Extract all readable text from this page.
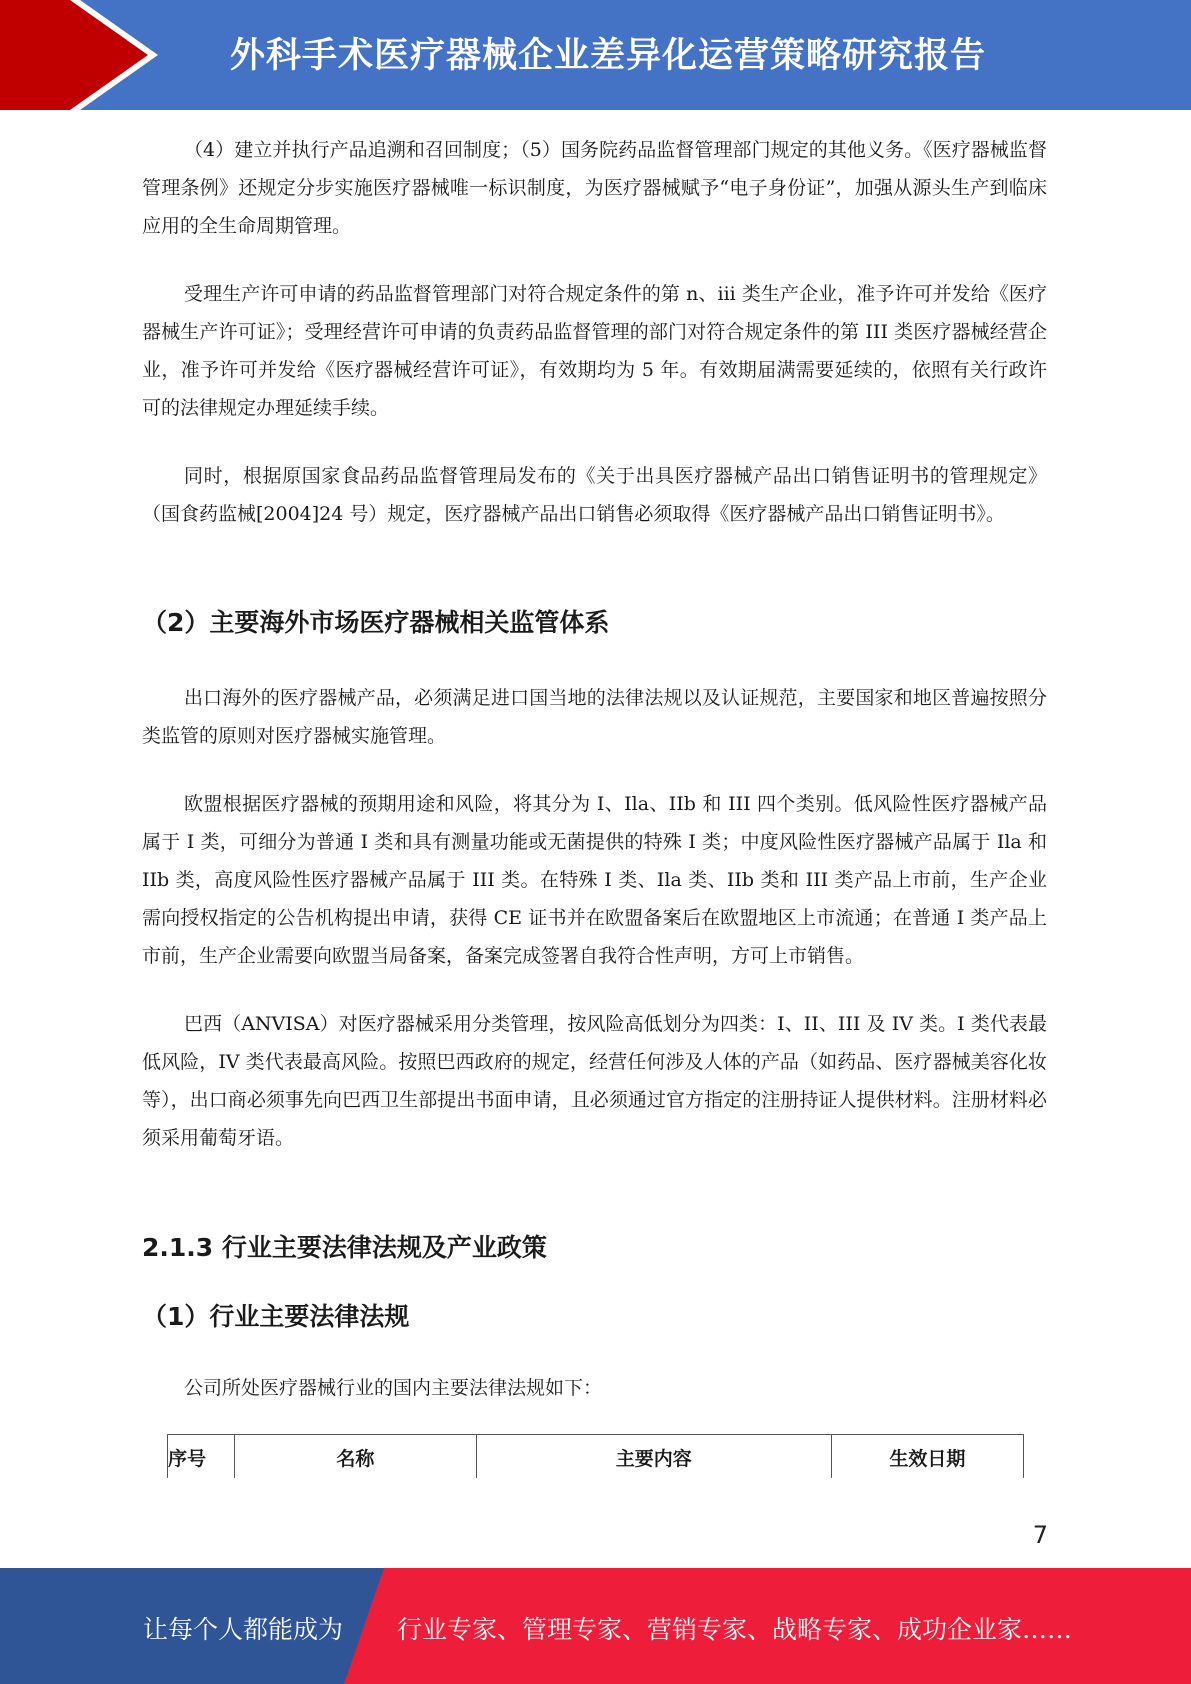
外科手术医疗器械企业差异化运营策略研究报告

（4）建立并执行产品追溯和召回制度；（5）国务院药品监督管理部门规定的其他义务。《医疗器械监督管理条例》还规定分步实施医疗器械唯一标识制度，为医疗器械赋予“电子身份证”，加强从源头生产到临床应用的全生命周期管理。

受理生产许可申请的药品监督管理部门对符合规定条件的第 n、iii 类生产企业，准予许可并发给《医疗器械生产许可证》；受理经营许可申请的负责药品监督管理的部门对符合规定条件的第 III 类医疗器械经营企业，准予许可并发给《医疗器械经营许可证》，有效期均为 5 年。有效期届满需要延续的，依照有关行政许可的法律规定办理延续手续。

同时，根据原国家食品药品监督管理局发布的《关于出具医疗器械产品出口销售证明书的管理规定》（国食药监械[2004]24 号）规定，医疗器械产品出口销售必须取得《医疗器械产品出口销售证明书》。

（2）主要海外市场医疗器械相关监管体系

出口海外的医疗器械产品，必须满足进口国当地的法律法规以及认证规范，主要国家和地区普遍按照分类监管的原则对医疗器械实施管理。

欧盟根据医疗器械的预期用途和风险，将其分为 I、Ila、IIb 和 III 四个类别。低风险性医疗器械产品属于 I 类，可细分为普通 I 类和具有测量功能或无菌提供的特殊 I 类；中度风险性医疗器械产品属于 Ila 和 IIb 类，高度风险性医疗器械产品属于 III 类。在特殊 I 类、Ila 类、IIb 类和 III 类产品上市前，生产企业需向授权指定的公告机构提出申请，获得 CE 证书并在欧盟备案后在欧盟地区上市流通；在普通 I 类产品上市前，生产企业需要向欧盟当局备案，备案完成签署自我符合性声明，方可上市销售。

巴西（ANVISA）对医疗器械采用分类管理，按风险高低划分为四类：I、II、III 及 IV 类。I 类代表最低风险，IV 类代表最高风险。按照巴西政府的规定，经营任何涉及人体的产品（如药品、医疗器械美容化妆等），出口商必须事先向巴西卫生部提出书面申请，且必须通过官方指定的注册持证人提供材料。注册材料必须采用葡萄牙语。

2.1.3 行业主要法律法规及产业政策
（1）行业主要法律法规

公司所处医疗器械行业的国内主要法律法规如下：

序号	名称	主要内容	生效日期
7
让每个人都能成为 行业专家、管理专家、营销专家、战略专家、成功企业家……
